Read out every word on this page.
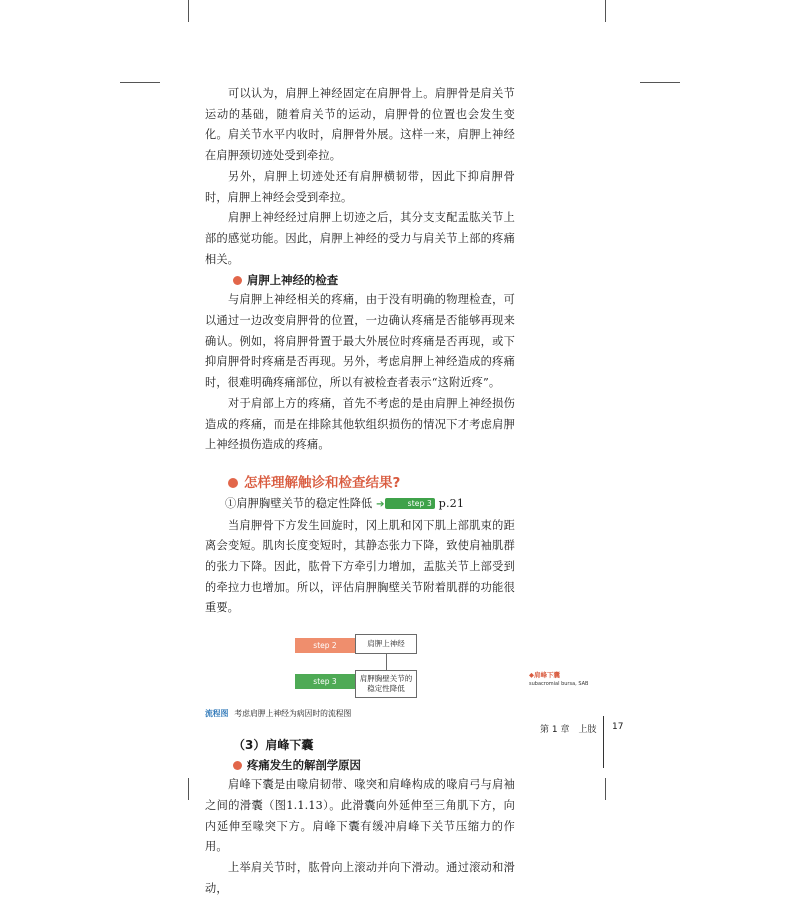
可以认为，肩胛上神经固定在肩胛骨上。肩胛骨是肩关节运动的基础，随着肩关节的运动，肩胛骨的位置也会发生变化。肩关节水平内收时，肩胛骨外展。这样一来，肩胛上神经在肩胛颈切迹处受到牵拉。

另外，肩胛上切迹处还有肩胛横韧带，因此下抑肩胛骨时，肩胛上神经会受到牵拉。

肩胛上神经经过肩胛上切迹之后，其分支支配盂肱关节上部的感觉功能。因此，肩胛上神经的受力与肩关节上部的疼痛相关。

肩胛上神经的检查

与肩胛上神经相关的疼痛，由于没有明确的物理检查，可以通过一边改变肩胛骨的位置，一边确认疼痛是否能够再现来确认。例如，将肩胛骨置于最大外展位时疼痛是否再现，或下抑肩胛骨时疼痛是否再现。另外，考虑肩胛上神经造成的疼痛时，很难明确疼痛部位，所以有被检查者表示“这附近疼”。

对于肩部上方的疼痛，首先不考虑的是由肩胛上神经损伤造成的疼痛，而是在排除其他软组织损伤的情况下才考虑肩胛上神经损伤造成的疼痛。

怎样理解触诊和检查结果?

①肩胛胸壁关节的稳定性降低 ➔	step 3 p.21

当肩胛骨下方发生回旋时，冈上肌和冈下肌上部肌束的距离会变短。肌肉长度变短时，其静态张力下降，致使肩袖肌群的张力下降。因此，肱骨下方牵引力增加，盂肱关节上部受到的牵拉力也增加。所以，评估肩胛胸壁关节附着肌群的功能很重要。

step 2	肩胛上神经
step 3	肩胛胸壁关节的
稳定性降低
流程图 考虑肩胛上神经为病因时的流程图
（3）肩峰下囊
疼痛发生的解剖学原因

肩峰下囊是由喙肩韧带、喙突和肩峰构成的喙肩弓与肩袖之间的滑囊（图1.1.13）。此滑囊向外延伸至三角肌下方，向内延伸至喙突下方。肩峰下囊有缓冲肩峰下关节压缩力的作用。

上举肩关节时，肱骨向上滚动并向下滑动。通过滚动和滑动，

◆肩峰下囊
subacromial bursa, SAB
第 1 章　上肢 17
